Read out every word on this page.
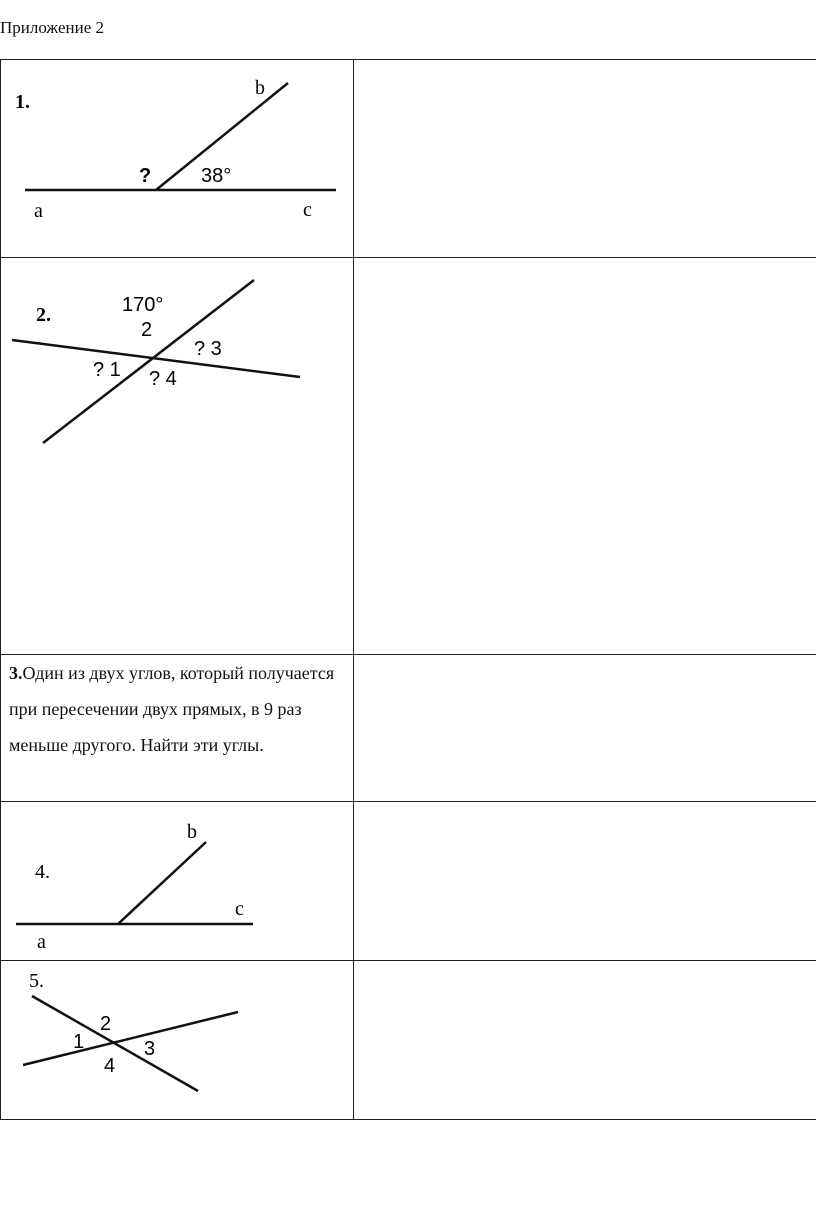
Приложение 2
1.
b
? 38°
a	c
2.	170°
2
? 3
? 1 ? 4
3.Один из двух углов, который получается при пересечении двух прямых, в 9 раз меньше другого. Найти эти углы.
b
4.
c
a
5.
2
1	3
4
